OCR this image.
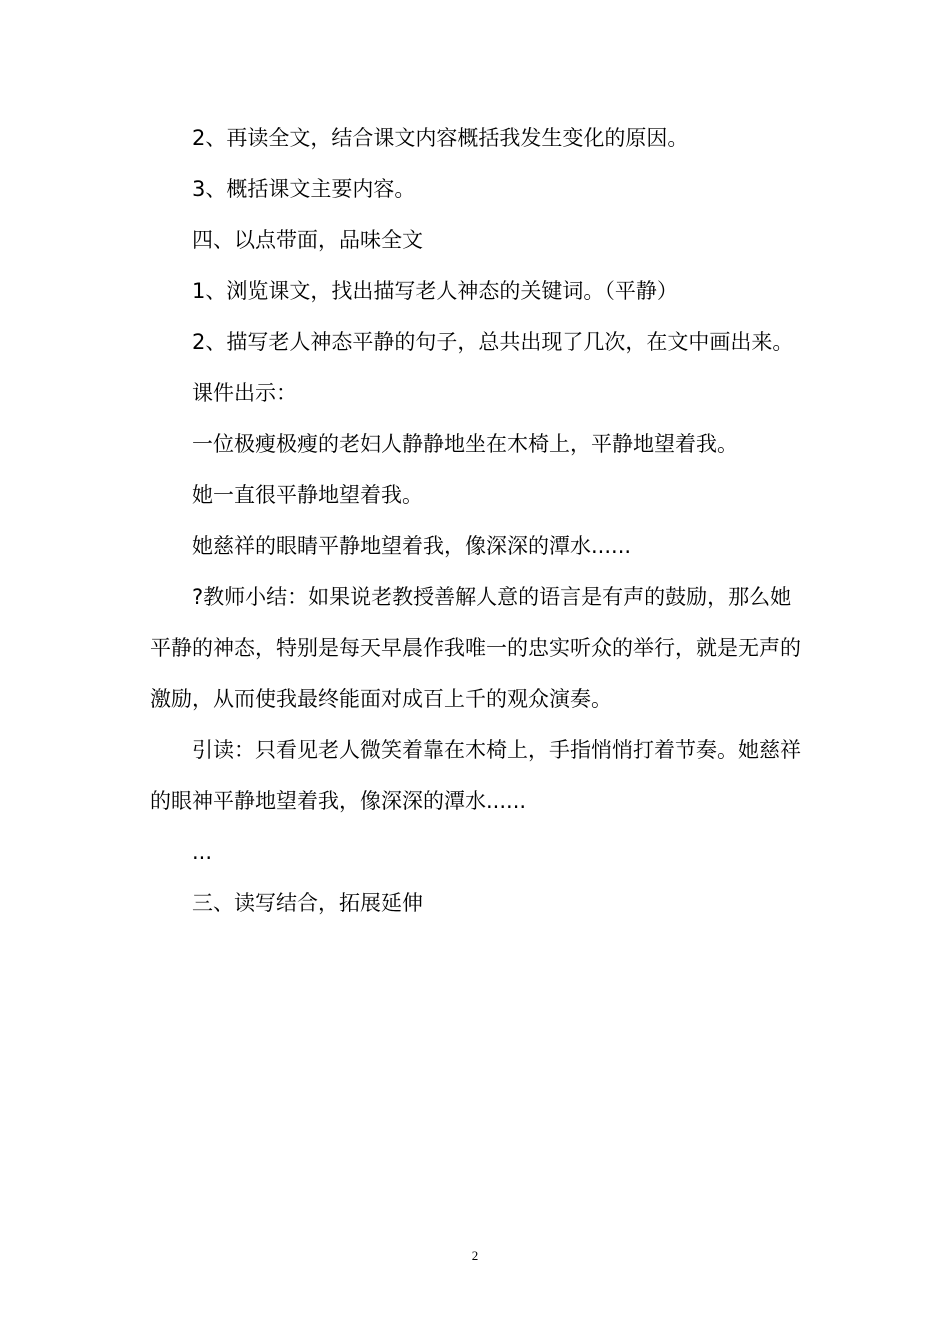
2、再读全文，结合课文内容概括我发生变化的原因。

3、概括课文主要内容。

四、以点带面，品味全文

1、浏览课文，找出描写老人神态的关键词。（平静）

2、描写老人神态平静的句子，总共出现了几次，在文中画出来。

课件出示：

一位极瘦极瘦的老妇人静静地坐在木椅上，平静地望着我。

她一直很平静地望着我。

她慈祥的眼睛平静地望着我，像深深的潭水......

?教师小结：如果说老教授善解人意的语言是有声的鼓励，那么她平静的神态，特别是每天早晨作我唯一的忠实听众的举行，就是无声的激励，从而使我最终能面对成百上千的观众演奏。

引读：只看见老人微笑着靠在木椅上，手指悄悄打着节奏。她慈祥的眼神平静地望着我，像深深的潭水......

...

三、读写结合，拓展延伸

2
